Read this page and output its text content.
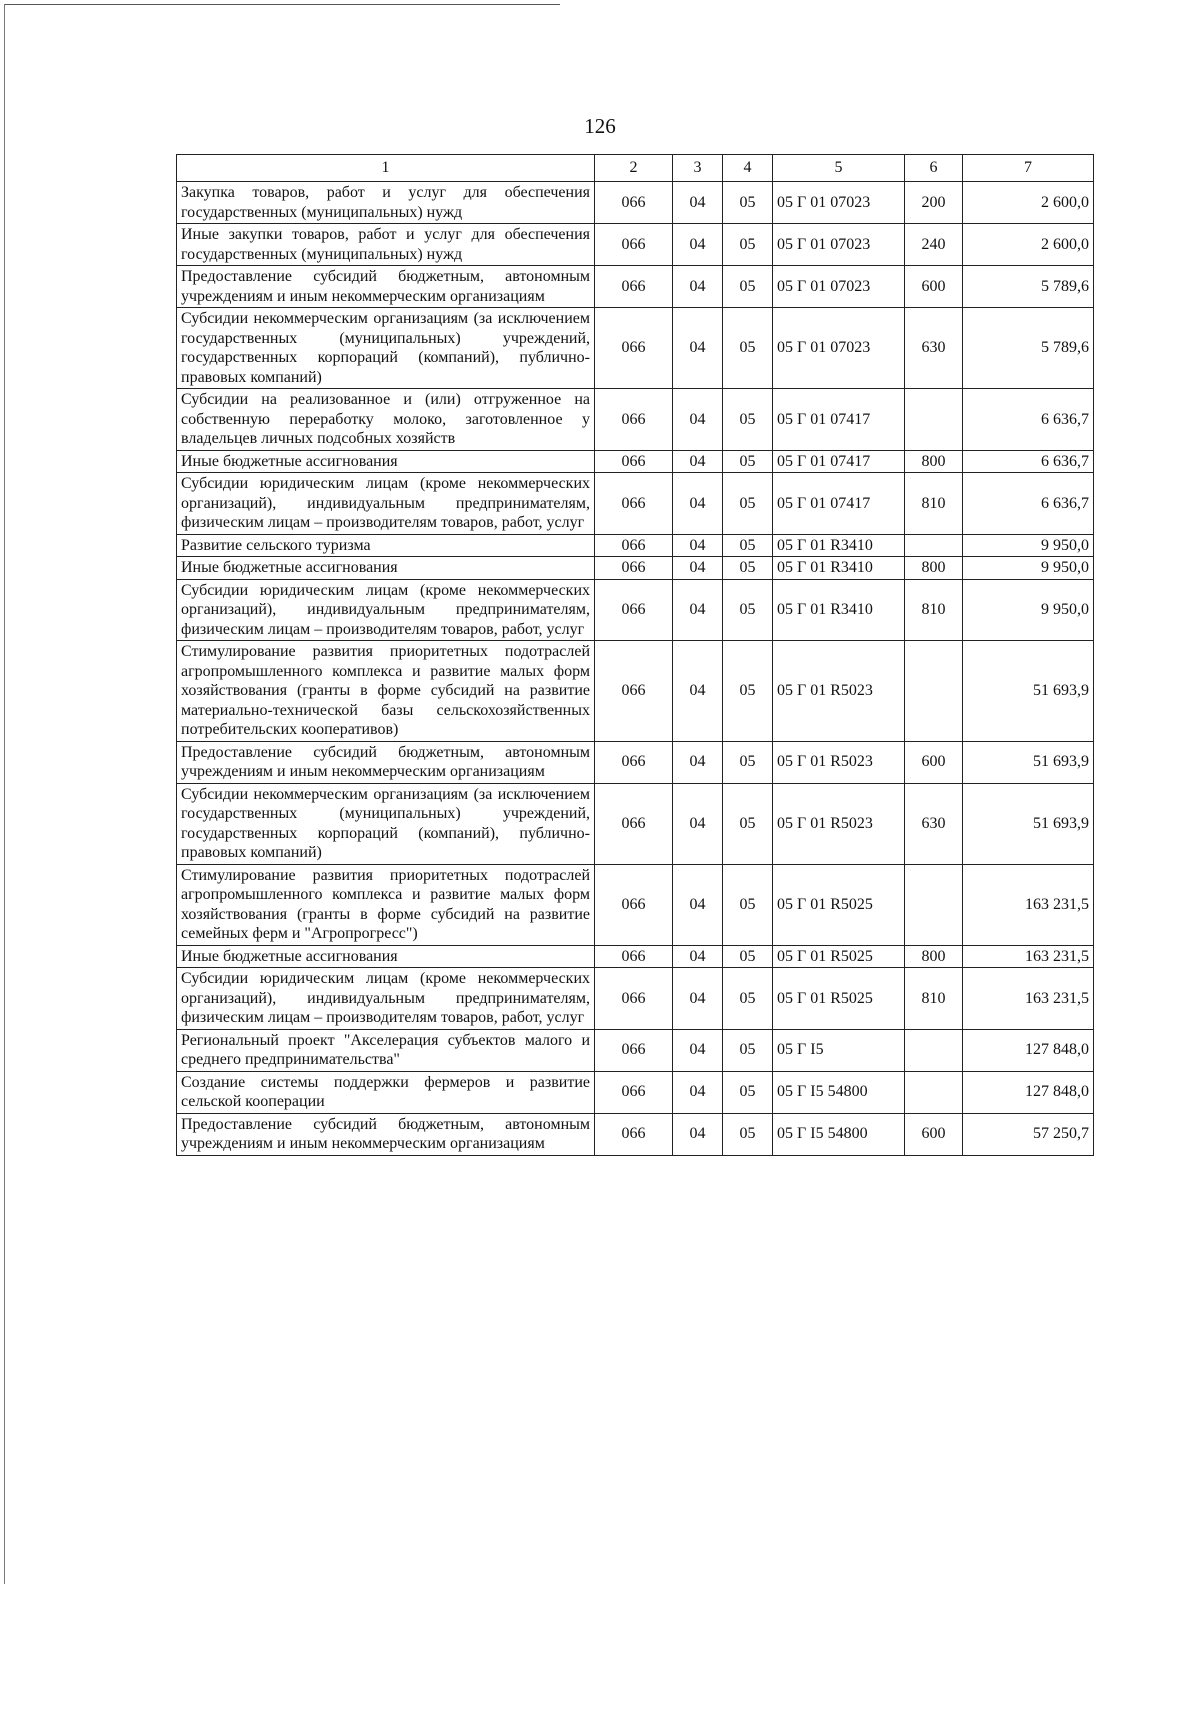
126
1	2	3	4	5	6	7
Закупка товаров, работ и услуг для обеспечения государственных (муниципальных) нужд	066	04	05	05 Г 01 07023	200	2 600,0
Иные закупки товаров, работ и услуг для обеспечения государственных (муниципальных) нужд	066	04	05	05 Г 01 07023	240	2 600,0
Предоставление субсидий бюджетным, автономным учреждениям и иным некоммерческим организациям	066	04	05	05 Г 01 07023	600	5 789,6
Субсидии некоммерческим организациям (за исключением государственных (муниципальных) учреждений, государственных корпораций (компаний), публично-правовых компаний)	066	04	05	05 Г 01 07023	630	5 789,6
Субсидии на реализованное и (или) отгруженное на собственную переработку молоко, заготовленное у владельцев личных подсобных хозяйств	066	04	05	05 Г 01 07417		6 636,7
Иные бюджетные ассигнования	066	04	05	05 Г 01 07417	800	6 636,7
Субсидии юридическим лицам (кроме некоммерческих организаций), индивидуальным предпринимателям, физическим лицам – производителям товаров, работ, услуг	066	04	05	05 Г 01 07417	810	6 636,7
Развитие сельского туризма	066	04	05	05 Г 01 R3410		9 950,0
Иные бюджетные ассигнования	066	04	05	05 Г 01 R3410	800	9 950,0
Субсидии юридическим лицам (кроме некоммерческих организаций), индивидуальным предпринимателям, физическим лицам – производителям товаров, работ, услуг	066	04	05	05 Г 01 R3410	810	9 950,0
Стимулирование развития приоритетных подотраслей агропромышленного комплекса и развитие малых форм хозяйствования (гранты в форме субсидий на развитие материально-технической базы сельскохозяйственных потребительских кооперативов)	066	04	05	05 Г 01 R5023		51 693,9
Предоставление субсидий бюджетным, автономным учреждениям и иным некоммерческим организациям	066	04	05	05 Г 01 R5023	600	51 693,9
Субсидии некоммерческим организациям (за исключением государственных (муниципальных) учреждений, государственных корпораций (компаний), публично-правовых компаний)	066	04	05	05 Г 01 R5023	630	51 693,9
Стимулирование развития приоритетных подотраслей агропромышленного комплекса и развитие малых форм хозяйствования (гранты в форме субсидий на развитие семейных ферм и "Агропрогресс")	066	04	05	05 Г 01 R5025		163 231,5
Иные бюджетные ассигнования	066	04	05	05 Г 01 R5025	800	163 231,5
Субсидии юридическим лицам (кроме некоммерческих организаций), индивидуальным предпринимателям, физическим лицам – производителям товаров, работ, услуг	066	04	05	05 Г 01 R5025	810	163 231,5
Региональный проект "Акселерация субъектов малого и среднего предпринимательства"	066	04	05	05 Г I5		127 848,0
Создание системы поддержки фермеров и развитие сельской кооперации	066	04	05	05 Г I5 54800		127 848,0
Предоставление субсидий бюджетным, автономным учреждениям и иным некоммерческим организациям	066	04	05	05 Г I5 54800	600	57 250,7
